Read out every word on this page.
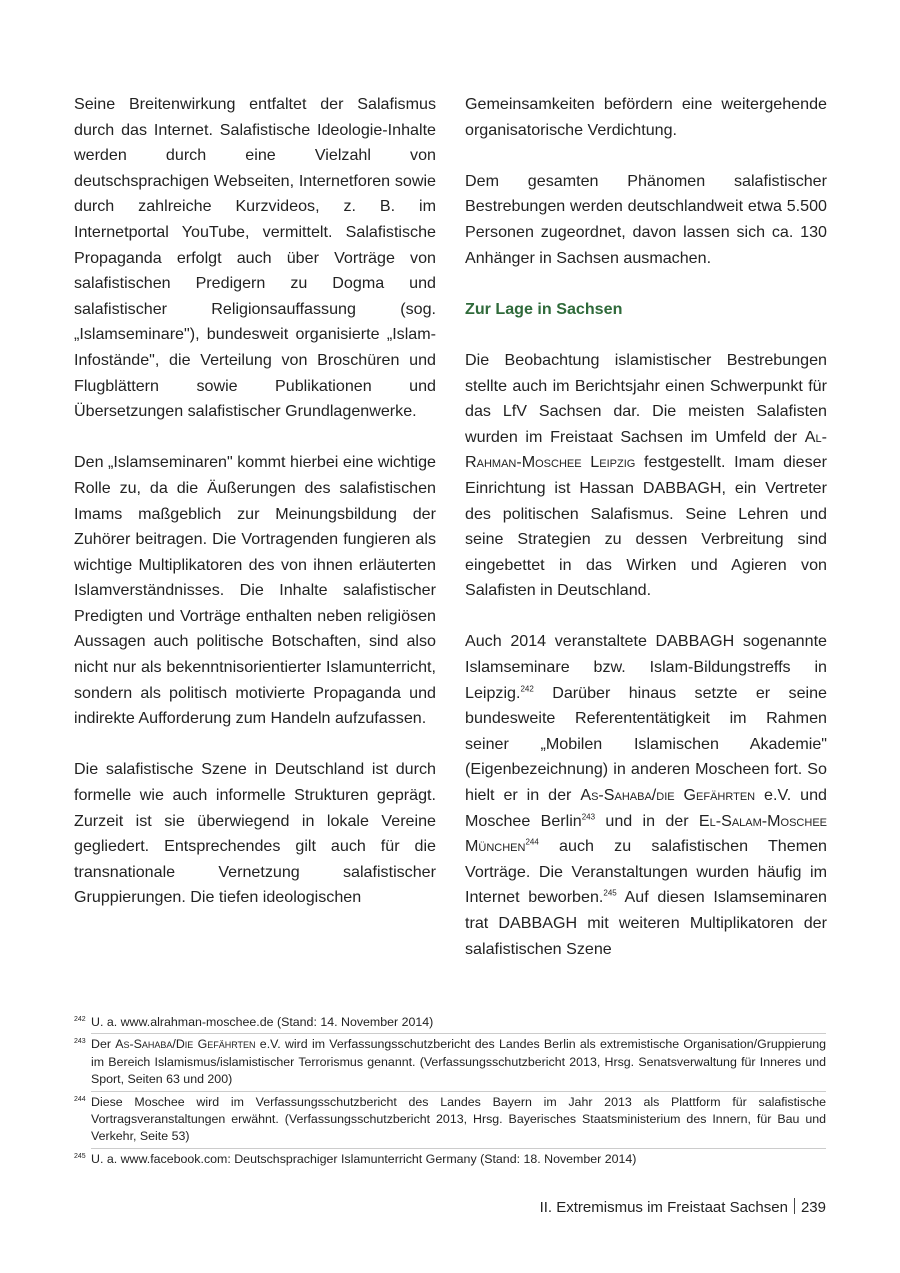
Seine Breitenwirkung entfaltet der Salafismus durch das Internet. Salafistische Ideologie-Inhalte werden durch eine Vielzahl von deutschsprachigen Webseiten, Internetforen sowie durch zahlreiche Kurzvideos, z. B. im Internetportal YouTube, vermittelt. Salafistische Propaganda erfolgt auch über Vorträge von salafistischen Predigern zu Dogma und salafistischer Religionsauffassung (sog. „Islamseminare"), bundesweit organisierte „Islam-Infostände", die Verteilung von Broschüren und Flugblättern sowie Publikationen und Übersetzungen salafistischer Grundlagenwerke.

Den „Islamseminaren" kommt hierbei eine wichtige Rolle zu, da die Äußerungen des salafistischen Imams maßgeblich zur Meinungsbildung der Zuhörer beitragen. Die Vortragenden fungieren als wichtige Multiplikatoren des von ihnen erläuterten Islamverständnisses. Die Inhalte salafistischer Predigten und Vorträge enthalten neben religiösen Aussagen auch politische Botschaften, sind also nicht nur als bekenntnisorientierter Islamunterricht, sondern als politisch motivierte Propaganda und indirekte Aufforderung zum Handeln aufzufassen.

Die salafistische Szene in Deutschland ist durch formelle wie auch informelle Strukturen geprägt. Zurzeit ist sie überwiegend in lokale Vereine gegliedert. Entsprechendes gilt auch für die transnationale Vernetzung salafistischer Gruppierungen. Die tiefen ideologischen

Gemeinsamkeiten befördern eine weitergehende organisatorische Verdichtung.

Dem gesamten Phänomen salafistischer Bestrebungen werden deutschlandweit etwa 5.500 Personen zugeordnet, davon lassen sich ca. 130 Anhänger in Sachsen ausmachen.

Zur Lage in Sachsen

Die Beobachtung islamistischer Bestrebungen stellte auch im Berichtsjahr einen Schwerpunkt für das LfV Sachsen dar. Die meisten Salafisten wurden im Freistaat Sachsen im Umfeld der Al-Rahman-Moschee Leipzig festgestellt. Imam dieser Einrichtung ist Hassan DABBAGH, ein Vertreter des politischen Salafismus. Seine Lehren und seine Strategien zu dessen Verbreitung sind eingebettet in das Wirken und Agieren von Salafisten in Deutschland.

Auch 2014 veranstaltete DABBAGH sogenannte Islamseminare bzw. Islam-Bildungstreffs in Leipzig.$^{242}$ Darüber hinaus setzte er seine bundesweite Referententätigkeit im Rahmen seiner „Mobilen Islamischen Akademie" (Eigenbezeichnung) in anderen Moscheen fort. So hielt er in der As-Sahaba/die Gefährten e.V. und Moschee Berlin$^{243}$ und in der El-Salam-Moschee München$^{244}$ auch zu salafistischen Themen Vorträge. Die Veranstaltungen wurden häufig im Internet beworben.$^{245}$ Auf diesen Islamseminaren trat DABBAGH mit weiteren Multiplikatoren der salafistischen Szene

242 U. a. www.alrahman-moschee.de (Stand: 14. November 2014)
243 Der As-Sahaba/Die Gefährten e.V. wird im Verfassungsschutzbericht des Landes Berlin als extremistische Organisation/Gruppierung im Bereich Islamismus/islamistischer Terrorismus genannt. (Verfassungsschutzbericht 2013, Hrsg. Senatsverwaltung für Inneres und Sport, Seiten 63 und 200)
244 Diese Moschee wird im Verfassungsschutzbericht des Landes Bayern im Jahr 2013 als Plattform für salafistische Vortragsveranstaltungen erwähnt. (Verfassungsschutzbericht 2013, Hrsg. Bayerisches Staatsministerium des Innern, für Bau und Verkehr, Seite 53)
245 U. a. www.facebook.com: Deutschsprachiger Islamunterricht Germany (Stand: 18. November 2014)
II. Extremismus im Freistaat Sachsen 239
